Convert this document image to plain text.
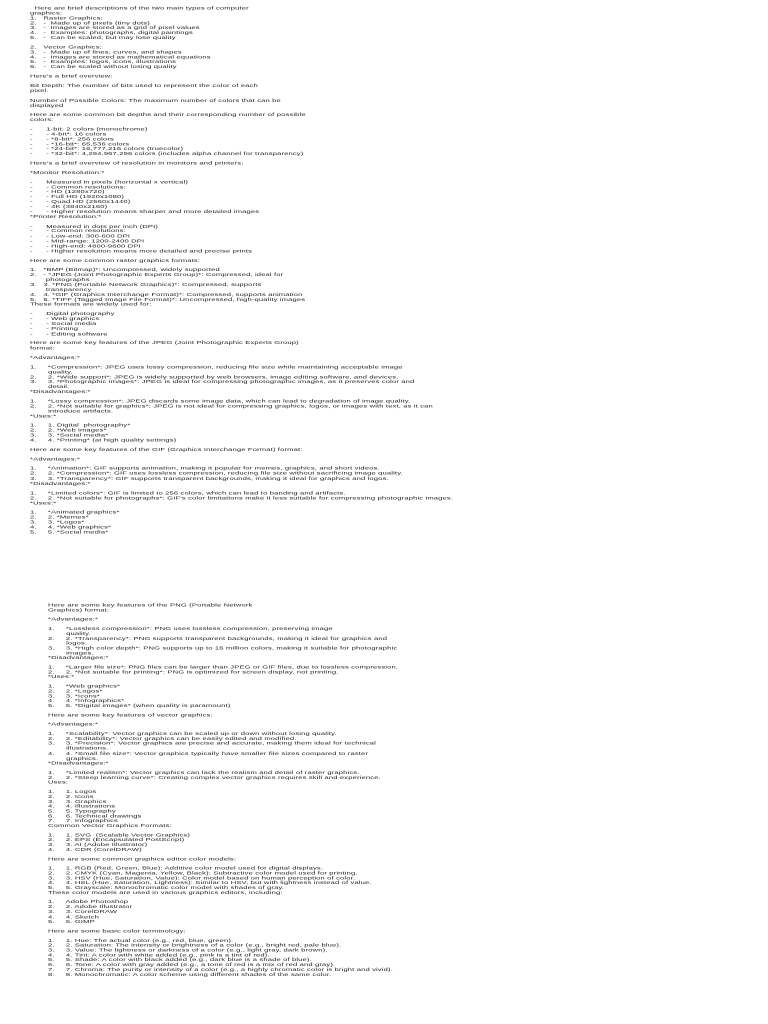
Here are brief descriptions of the two main types of computer
graphics:
1.   Raster Graphics:
2.   -  Made up of pixels (tiny dots)
3.   -  Images are stored as a grid of pixel values
4.   -  Examples: photographs, digital paintings
5.   -  Can be scaled, but may lose quality
2.   Vector Graphics:
3.   -  Made up of lines, curves, and shapes
4.   -  Images are stored as mathematical equations
5.   -  Examples: logos, icons, illustrations
6.   -  Can be scaled without losing quality
Here's a brief overview:
Bit Depth: The number of bits used to represent the color of each
pixel.
Number of Possible Colors: The maximum number of colors that can be
displayed
Here are some common bit depths and their corresponding number of possible
colors:
-      1-bit: 2 colors (monochrome)
-      - 4-bit*: 16 colors
-      - *8-bit*: 256 colors
-      - *16-bit*: 65,536 colors
-      - *24-bit*: 16,777,216 colors (truecolor)
-      - *32-bit*: 4,294,967,296 colors (includes alpha channel for transparency)
Here's a brief overview of resolution in monitors and printers:
*Monitor Resolution:*
-      Measured in pixels (horizontal x vertical)
-      - Common resolutions:
-      - HD (1280x720)
-      - Full HD (1920x1080)
-      - Quad HD (2560x1440)
-      - 4K (3840x2160)
-      - Higher resolution means sharper and more detailed images
*Printer Resolution:*
-      Measured in dots per inch (DPI)
-      - Common resolutions:
-      - Low-end: 300-600 DPI
-      - Mid-range: 1200-2400 DPI
-      - High-end: 4800-9600 DPI
-      - Higher resolution means more detailed and precise prints
Here are some common raster graphics formats:
1.   *BMP (Bitmap)*: Uncompressed, widely supported
2.   - *JPEG (Joint Photographic Experts Group)*: Compressed, ideal for
photographs
3.   3. *PNG (Portable Network Graphics)*: Compressed, supports
transparency
4.   4. *GIF (Graphics Interchange Format)*: Compressed, supports animation
5.   5. *TIFF (Tagged Image File Format)*: Uncompressed, high-quality images
These formats are widely used for:
-      Digital photography
-      - Web graphics
-      - Social media
-      - Printing
-      - Editing software
Here are some key features of the JPEG (Joint Photographic Experts Group)
format:
*Advantages:*
1.     *Compression*: JPEG uses lossy compression, reducing file size while maintaining acceptable image
quality.
2.     2. *Wide support*: JPEG is widely supported by web browsers, image editing software, and devices.
3.     3. *Photographic images*: JPEG is ideal for compressing photographic images, as it preserves color and
detail.
*Disadvantages:*
1.     *Lossy compression*: JPEG discards some image data, which can lead to degradation of image quality.
2.     2. *Not suitable for graphics*: JPEG is not ideal for compressing graphics, logos, or images with text, as it can
introduce artifacts.
*Uses:*
1.     1. Digital  photography*
2.     2. *Web images*
3.     3. *Social media*
4.     4. *Printing* (at high quality settings)
Here are some key features of the GIF (Graphics Interchange Format) format:
*Advantages:*
1.     *Animation*: GIF supports animation, making it popular for memes, graphics, and short videos.
2.     2. *Compression*: GIF uses lossless compression, reducing file size without sacrificing image quality.
3.     3. *Transparency*: GIF supports transparent backgrounds, making it ideal for graphics and logos.
*Disadvantages:*
1.     *Limited colors*: GIF is limited to 256 colors, which can lead to banding and artifacts.
2.     2. *Not suitable for photographs*: GIF's color limitations make it less suitable for compressing photographic images.
*Uses:*
1.     *Animated graphics*
2.     2. *Memes*
3.     3. *Logos*
4.     4. *Web graphics*
5.     5. *Social media*
Here are some key features of the PNG (Portable Network
Graphics) format:
*Advantages:*
1.     *Lossless compression*: PNG uses lossless compression, preserving image
quality.
2.     2. *Transparency*: PNG supports transparent backgrounds, making it ideal for graphics and
logos.
3.     3. *High color depth*: PNG supports up to 16 million colors, making it suitable for photographic
images.
*Disadvantages:*
1.     *Larger file size*: PNG files can be larger than JPEG or GIF files, due to lossless compression.
2.     2. *Not suitable for printing*: PNG is optimized for screen display, not printing.
*Uses:*
1.     *Web graphics*
2.     2. *Logos*
3.     3. *Icons*
4.     4. *Infographics*
5.     5. *Digital images* (when quality is paramount)
Here are some key features of vector graphics:
*Advantages:*
1.     *Scalability*: Vector graphics can be scaled up or down without losing quality.
2.     2. *Editability*: Vector graphics can be easily edited and modified.
3.     3. *Precision*: Vector graphics are precise and accurate, making them ideal for technical
illustrations.
4.     4. *Small file size*: Vector graphics typically have smaller file sizes compared to raster
graphics.
*Disadvantages:*
1.     *Limited realism*: Vector graphics can lack the realism and detail of raster graphics.
2.     2. *Steep learning curve*: Creating complex vector graphics requires skill and experience.
Uses:
1.     1. Logos
2.     2. Icons
3.     3. Graphics
4.     4. Illustrations
5.     5. Typography
6.     6. Technical drawings
7.     7. Infographics
Common Vector Graphics Formats:
1.     1. SVG  (Scalable Vector Graphics)
2.     2. EPS (Encapsulated PostScript)
3.     3. AI (Adobe Illustrator)
4.     4. CDR (CorelDRAW)
Here are some common graphics editor color models:
1.     1. RGB (Red, Green, Blue): Additive color model used for digital displays.
2.     2. CMYK (Cyan, Magenta, Yellow, Black): Subtractive color model used for printing.
3.     3. HSV (Hue, Saturation, Value): Color model based on human perception of color.
4.     4. HSL (Hue, Saturation, Lightness): Similar to HSV, but with lightness instead of value.
5.     5. Grayscale: Monochromatic color model with shades of gray.
These color models are used in various graphics editors, including:
1.     Adobe Photoshop
2.     2. Adobe Illustrator
3.     3. CorelDRAW
4.     4. Sketch
5.     5. GIMP
Here are some basic color terminology:
1.     1. Hue: The actual color (e.g., red, blue, green).
2.     2. Saturation: The intensity or brightness of a color (e.g., bright red, pale blue).
3.     3. Value: The lightness or darkness of a color (e.g., light gray, dark brown).
4.     4. Tint: A color with white added (e.g., pink is a tint of red).
5.     5. Shade: A color with black added (e.g., dark blue is a shade of blue).
6.     6. Tone: A color with gray added (e.g., a tone of red is a mix of red and gray).
7.     7. Chroma: The purity or intensity of a color (e.g., a highly chromatic color is bright and vivid).
8.     8. Monochromatic: A color scheme using different shades of the same color.
